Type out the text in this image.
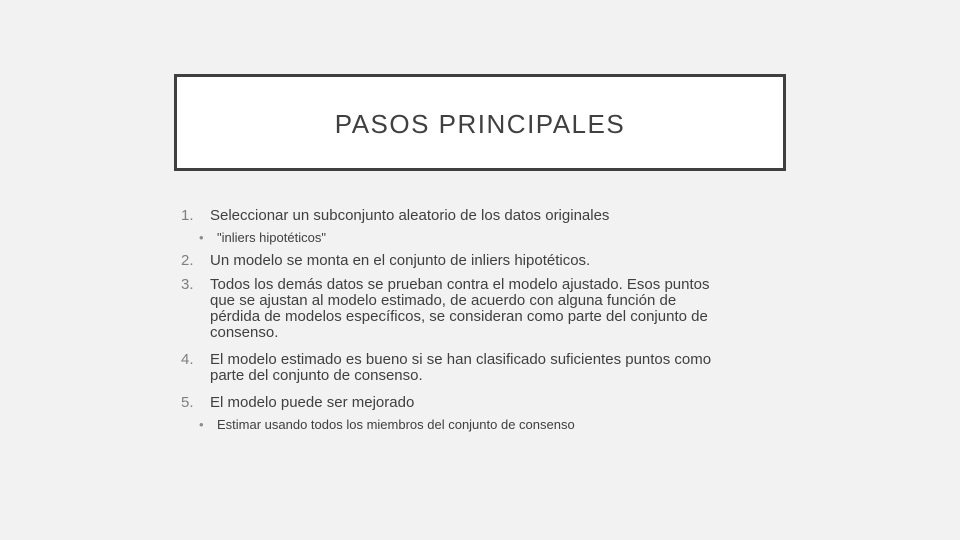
PASOS PRINCIPALES
1.	Seleccionar un subconjunto aleatorio de los datos originales
•	"inliers hipotéticos"
2.	Un modelo se monta en el conjunto de inliers hipotéticos.
3.	Todos los demás datos se prueban contra el modelo ajustado. Esos puntos
que se ajustan al modelo estimado, de acuerdo con alguna función de
pérdida de modelos específicos, se consideran como parte del conjunto de
consenso.
4.	El modelo estimado es bueno si se han clasificado suficientes puntos como
parte del conjunto de consenso.
5.	El modelo puede ser mejorado
•	Estimar usando todos los miembros del conjunto de consenso
